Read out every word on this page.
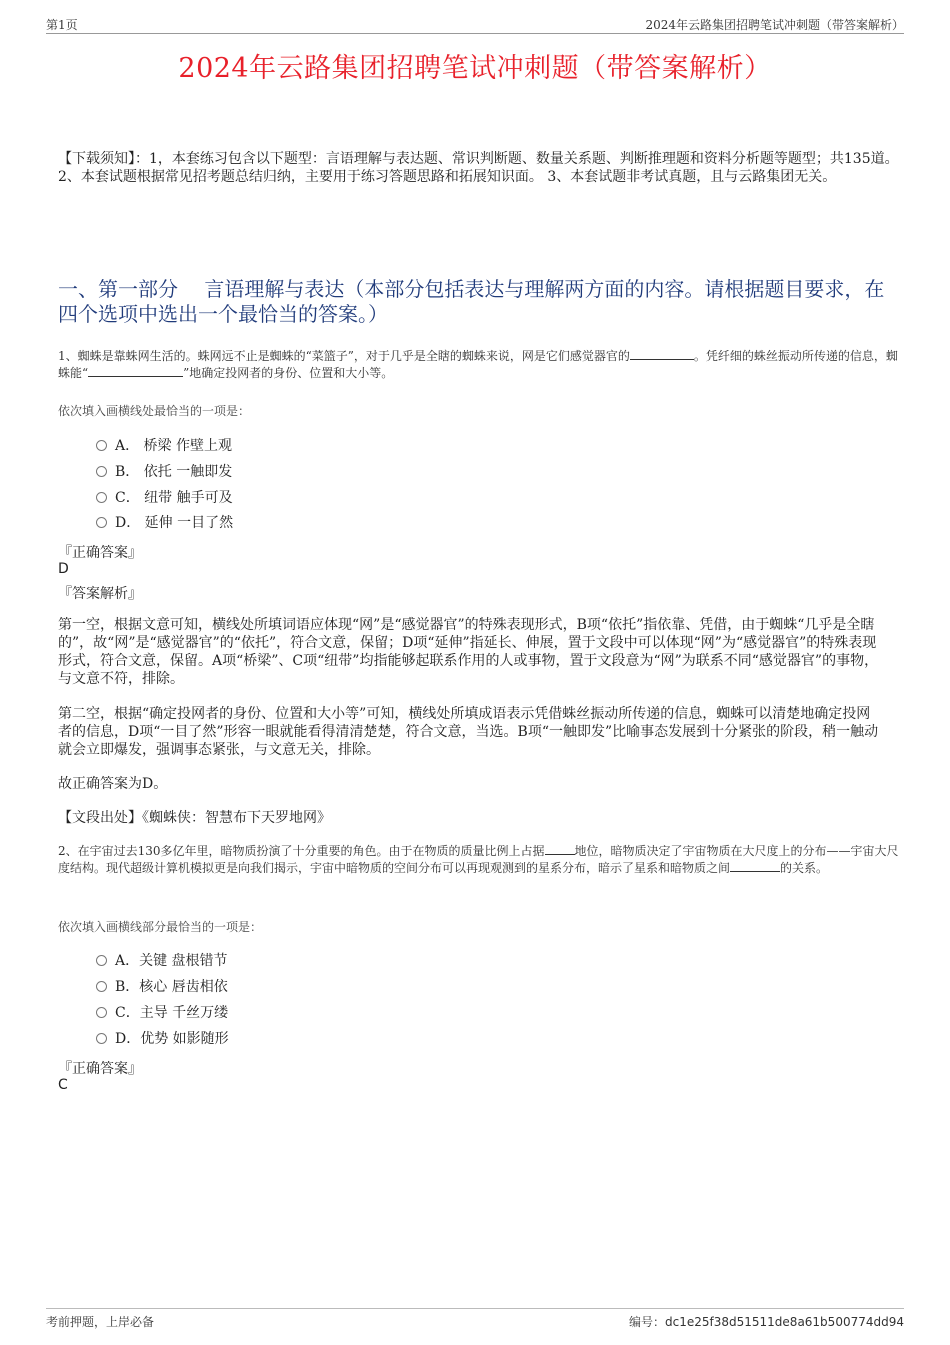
第1页	2024年云路集团招聘笔试冲刺题（带答案解析）
2024年云路集团招聘笔试冲刺题（带答案解析）
【下载须知】：1，本套练习包含以下题型：言语理解与表达题、常识判断题、数量关系题、判断推理题和资料分析题等题型；共135道。 2、本套试题根据常见招考题总结归纳，主要用于练习答题思路和拓展知识面。 3、本套试题非考试真题，且与云路集团无关。
一、第一部分　 言语理解与表达（本部分包括表达与理解两方面的内容。请根据题目要求，在四个选项中选出一个最恰当的答案。）
1、蜘蛛是靠蛛网生活的。蛛网远不止是蜘蛛的“菜篮子”，对于几乎是全瞎的蜘蛛来说，网是它们感觉器官的	。凭纤细的蛛丝振动所传递的信息，蜘蛛能“	”地确定投网者的身份、位置和大小等。
依次填入画横线处最恰当的一项是：
A． 桥梁 作壁上观
B． 依托 一触即发
C． 纽带 触手可及
D． 延伸 一目了然
『正确答案』
D
『答案解析』
第一空，根据文意可知，横线处所填词语应体现“网”是“感觉器官”的特殊表现形式，B项“依托”指依靠、凭借，由于蜘蛛“几乎是全瞎的”，故“网”是“感觉器官”的“依托”，符合文意，保留；D项“延伸”指延长、伸展，置于文段中可以体现“网”为“感觉器官”的特殊表现形式，符合文意，保留。A项“桥梁”、C项“纽带”均指能够起联系作用的人或事物，置于文段意为“网”为联系不同“感觉器官”的事物，与文意不符，排除。
第二空，根据“确定投网者的身份、位置和大小等”可知，横线处所填成语表示凭借蛛丝振动所传递的信息，蜘蛛可以清楚地确定投网者的信息，D项“一目了然”形容一眼就能看得清清楚楚，符合文意，当选。B项“一触即发”比喻事态发展到十分紧张的阶段，稍一触动就会立即爆发，强调事态紧张，与文意无关，排除。
故正确答案为D。
【文段出处】《蜘蛛侠：智慧布下天罗地网》
2、在宇宙过去130多亿年里，暗物质扮演了十分重要的角色。由于在物质的质量比例上占据	地位，暗物质决定了宇宙物质在大尺度上的分布——宇宙大尺度结构。现代超级计算机模拟更是向我们揭示，宇宙中暗物质的空间分布可以再现观测到的星系分布，暗示了星系和暗物质之间	的关系。
依次填入画横线部分最恰当的一项是：
A．关键 盘根错节
B．核心 唇齿相依
C．主导 千丝万缕
D．优势 如影随形
『正确答案』
C
考前押题，上岸必备	编号：dc1e25f38d51511de8a61b500774dd94
